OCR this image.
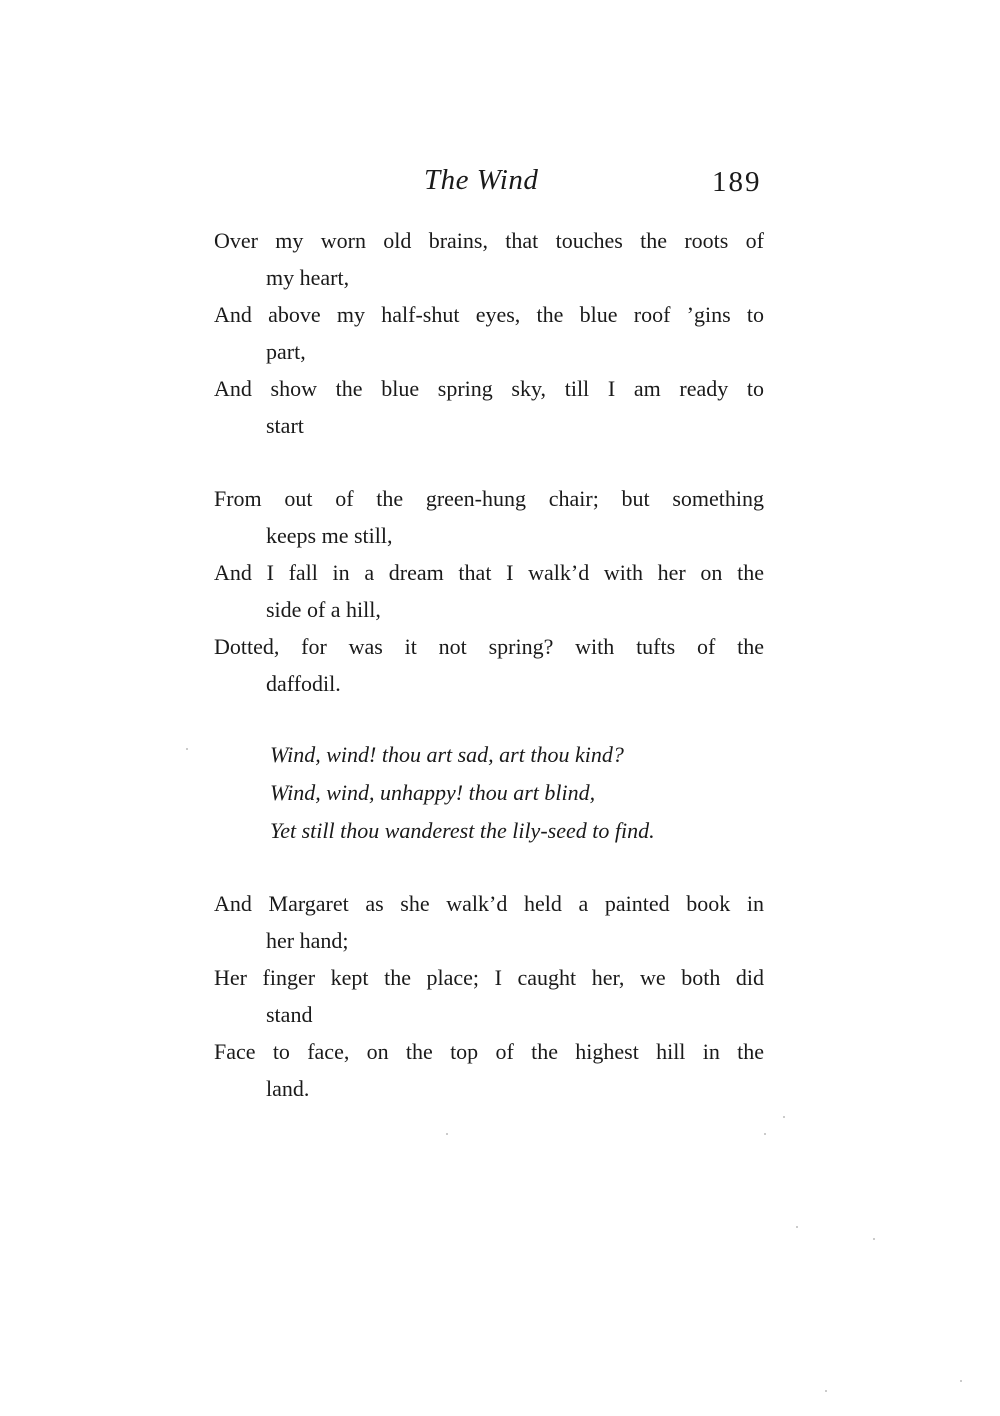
The Wind	189
Over my worn old brains, that touches the roots of
my heart,
And above my half-shut eyes, the blue roof ’gins to
part,
And show the blue spring sky, till I am ready to
start
From out of the green-hung chair; but something
keeps me still,
And I fall in a dream that I walk’d with her on the
side of a hill,
Dotted, for was it not spring? with tufts of the
daffodil.
Wind, wind! thou art sad, art thou kind?
Wind, wind, unhappy! thou art blind,
Yet still thou wanderest the lily-seed to find.
And Margaret as she walk’d held a painted book in
her hand;
Her finger kept the place; I caught her, we both did
stand
Face to face, on the top of the highest hill in the
land.
